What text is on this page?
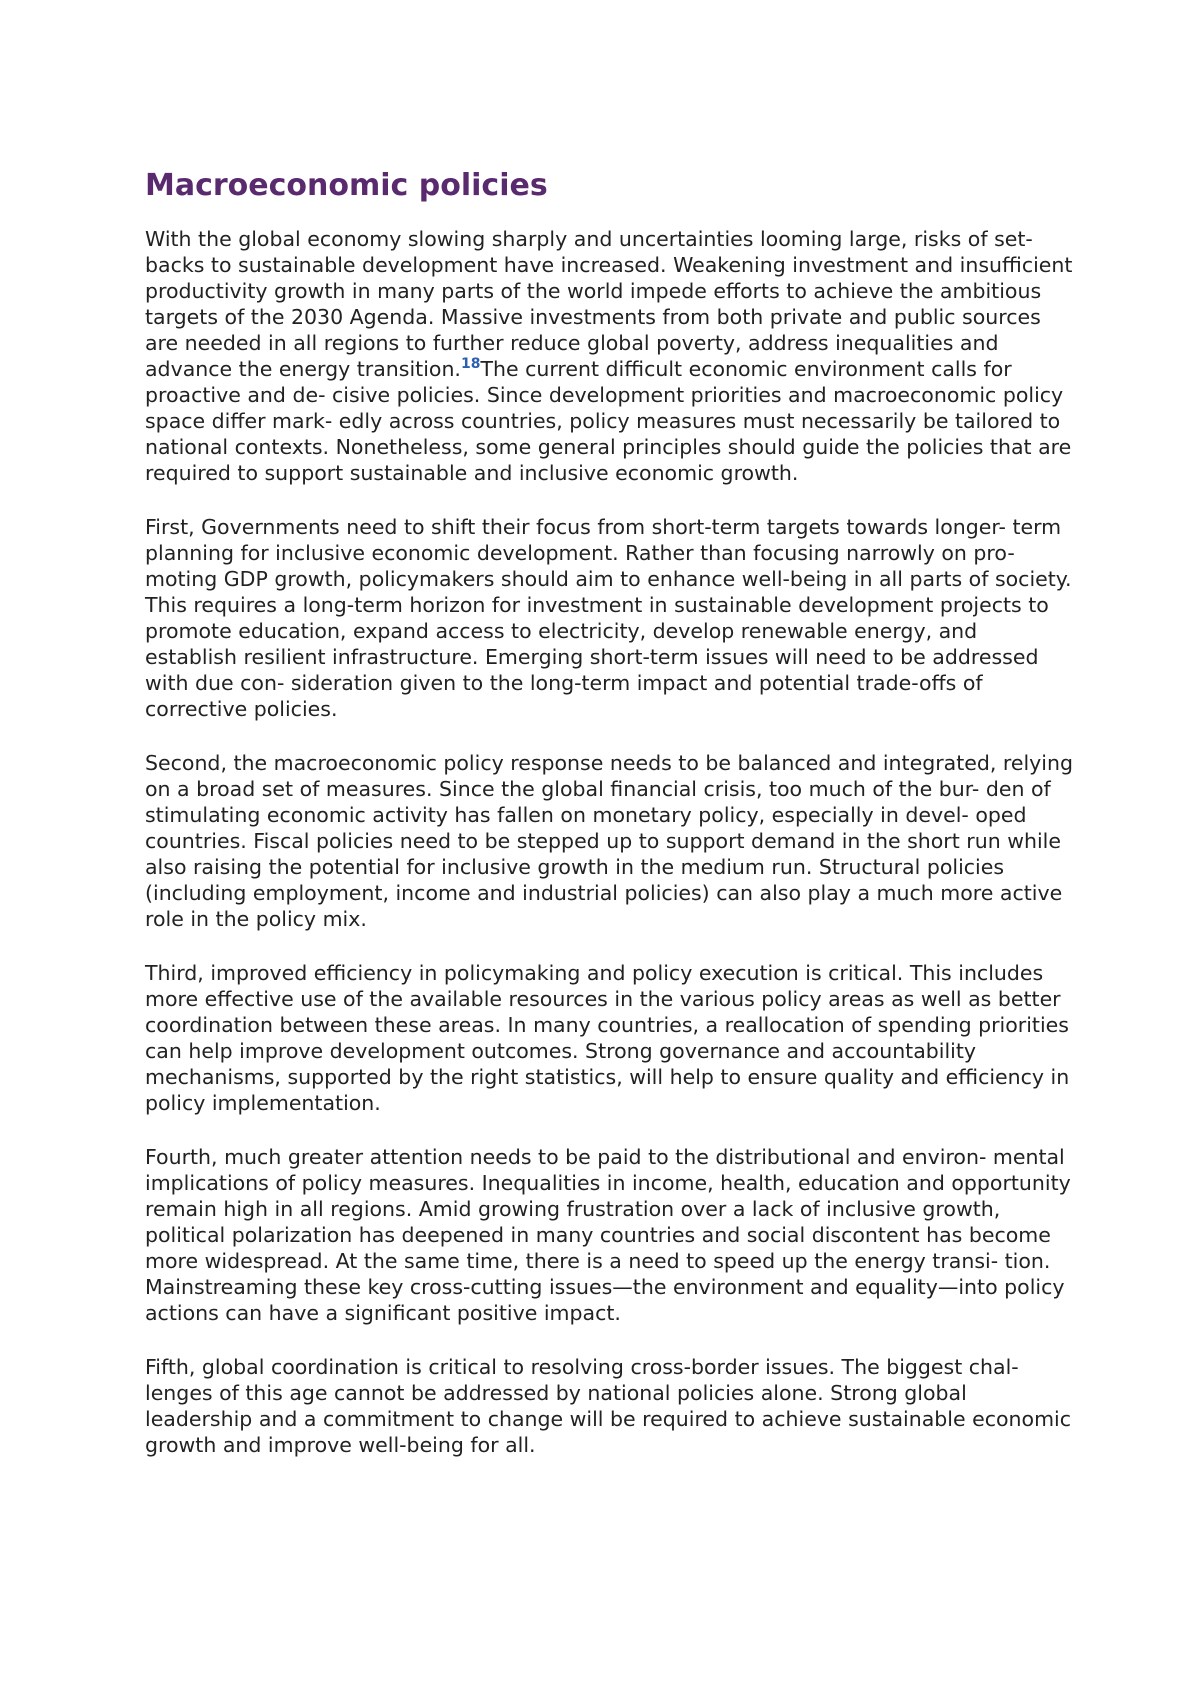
Macroeconomic policies

With the global economy slowing sharply and uncertainties looming large, risks of set- backs to sustainable development have increased. Weakening investment and insufficient productivity growth in many parts of the world impede efforts to achieve the ambitious targets of the 2030 Agenda. Massive investments from both private and public sources are needed in all regions to further reduce global poverty, address inequalities and advance the energy transition.$^{18}$The current difficult economic environment calls for proactive and de- cisive policies. Since development priorities and macroeconomic policy space differ mark- edly across countries, policy measures must necessarily be tailored to national contexts. Nonetheless, some general principles should guide the policies that are required to support sustainable and inclusive economic growth.

First, Governments need to shift their focus from short-term targets towards longer- term planning for inclusive economic development. Rather than focusing narrowly on pro- moting GDP growth, policymakers should aim to enhance well-being in all parts of society. This requires a long-term horizon for investment in sustainable development projects to promote education, expand access to electricity, develop renewable energy, and establish resilient infrastructure. Emerging short-term issues will need to be addressed with due con- sideration given to the long-term impact and potential trade-offs of corrective policies.

Second, the macroeconomic policy response needs to be balanced and integrated, relying on a broad set of measures. Since the global financial crisis, too much of the bur- den of stimulating economic activity has fallen on monetary policy, especially in devel- oped countries. Fiscal policies need to be stepped up to support demand in the short run while also raising the potential for inclusive growth in the medium run. Structural policies (including employment, income and industrial policies) can also play a much more active role in the policy mix.

Third, improved efficiency in policymaking and policy execution is critical. This includes more effective use of the available resources in the various policy areas as well as better coordination between these areas. In many countries, a reallocation of spending priorities can help improve development outcomes. Strong governance and accountability mechanisms, supported by the right statistics, will help to ensure quality and efficiency in policy implementation.

Fourth, much greater attention needs to be paid to the distributional and environ- mental implications of policy measures. Inequalities in income, health, education and opportunity remain high in all regions. Amid growing frustration over a lack of inclusive growth, political polarization has deepened in many countries and social discontent has become more widespread. At the same time, there is a need to speed up the energy transi- tion. Mainstreaming these key cross-cutting issues—the environment and equality—into policy actions can have a significant positive impact.

Fifth, global coordination is critical to resolving cross-border issues. The biggest chal- lenges of this age cannot be addressed by national policies alone. Strong global leadership and a commitment to change will be required to achieve sustainable economic growth and improve well-being for all.
